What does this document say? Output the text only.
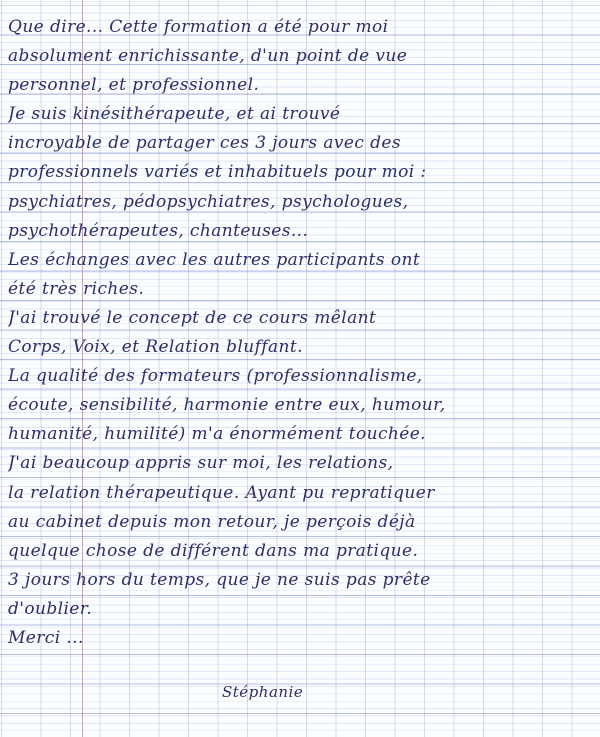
Que dire... Cette formation a été pour moi
absolument enrichissante, d'un point de vue
personnel, et professionnel.
Je suis kinésithérapeute, et ai trouvé
incroyable de partager ces 3 jours avec des
professionnels variés et inhabituels pour moi :
psychiatres, pédopsychiatres, psychologues,
psychothérapeutes, chanteuses...
Les échanges avec les autres participants ont
été très riches.
J'ai trouvé le concept de ce cours mêlant
Corps, Voix, et Relation bluffant.
La qualité des formateurs (professionnalisme,
écoute, sensibilité, harmonie entre eux, humour,
humanité, humilité) m'a énormément touchée.
J'ai beaucoup appris sur moi, les relations,
la relation thérapeutique. Ayant pu repratiquer
au cabinet depuis mon retour, je perçois déjà
quelque chose de différent dans ma pratique.
3 jours hors du temps, que je ne suis pas prête
d'oublier.
Merci ...
Stéphanie
